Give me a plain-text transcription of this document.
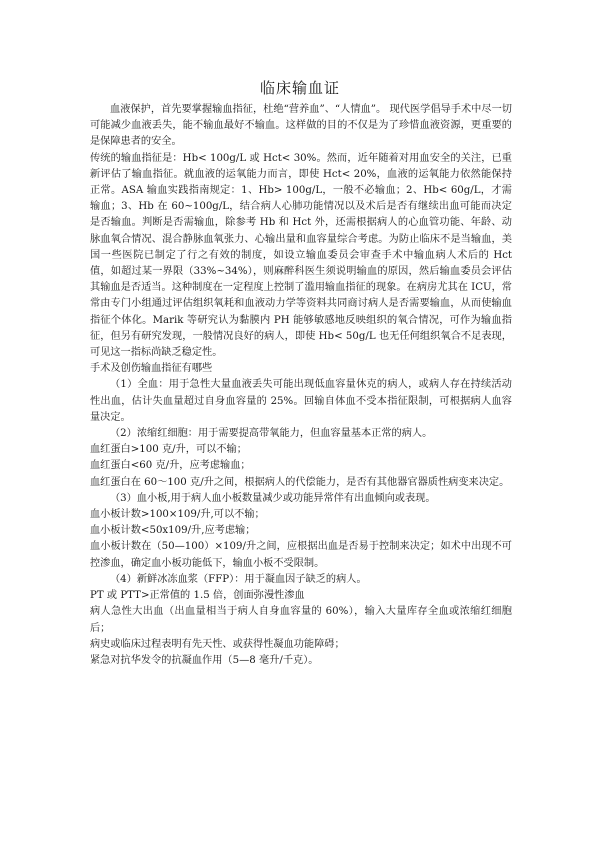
临床输血证

血液保护，首先要掌握输血指征，杜绝“营养血”、“人情血”。 现代医学倡导手术中尽一切可能减少血液丢失，能不输血最好不输血。这样做的目的不仅是为了珍惜血液资源，更重要的是保障患者的安全。

传统的输血指征是：Hb< 100g/L 或 Hct< 30%。然而，近年随着对用血安全的关注，已重新评估了输血指征。就血液的运氧能力而言，即使 Hct< 20%，血液的运氧能力依然能保持正常。ASA 输血实践指南规定：1、Hb> 100g/L，一般不必输血；2、Hb< 60g/L，才需输血；3、Hb 在 60~100g/L，结合病人心肺功能情况以及术后是否有继续出血可能而决定是否输血。判断是否需输血，除参考 Hb 和 Hct 外，还需根据病人的心血管功能、年龄、动脉血氧合情况、混合静脉血氧张力、心输出量和血容量综合考虑。为防止临床不是当输血，美国一些医院已制定了行之有效的制度，如设立输血委员会审查手术中输血病人术后的 Hct 值，如超过某一界限（33%~34%），则麻醉科医生须说明输血的原因，然后输血委员会评估其输血是否适当。这种制度在一定程度上控制了滥用输血指征的现象。在病房尤其在 ICU，常常由专门小组通过评估组织氧耗和血液动力学等资料共同商讨病人是否需要输血，从而使输血指征个体化。Marik 等研究认为黏膜内 PH 能够敏感地反映组织的氧合情况，可作为输血指征，但另有研究发现，一般情况良好的病人，即使 Hb< 50g/L 也无任何组织氧合不足表现，可见这一指标尚缺乏稳定性。

手术及创伤输血指征有哪些

（1）全血：用于急性大量血液丢失可能出现低血容量休克的病人，或病人存在持续活动性出血，估计失血量超过自身血容量的 25%。回输自体血不受本指征限制，可根据病人血容量决定。

（2）浓缩红细胞：用于需要提高带氧能力，但血容量基本正常的病人。

血红蛋白>100 克/升，可以不输；

血红蛋白<60 克/升，应考虑输血；

血红蛋白在 60～100 克/升之间，根据病人的代偿能力，是否有其他器官器质性病变来决定。

（3）血小板,用于病人血小板数量减少或功能异常伴有出血倾向或表现。

血小板计数>100×109/升,可以不输；

血小板计数<50x109/升,应考虑输；

血小板计数在（50—100）×109/升之间，应根据出血是否易于控制来决定；如术中出现不可控渗血，确定血小板功能低下，输血小板不受限制。

（4）新鲜冰冻血浆（FFP）：用于凝血因子缺乏的病人。

PT 或 PTT>正常值的 1.5 倍，创面弥漫性渗血

病人急性大出血（出血量相当于病人自身血容量的 60%），输入大量库存全血或浓缩红细胞后；

病史或临床过程表明有先天性、或获得性凝血功能障碍；

紧急对抗华发令的抗凝血作用（5—8 毫升/千克）。
